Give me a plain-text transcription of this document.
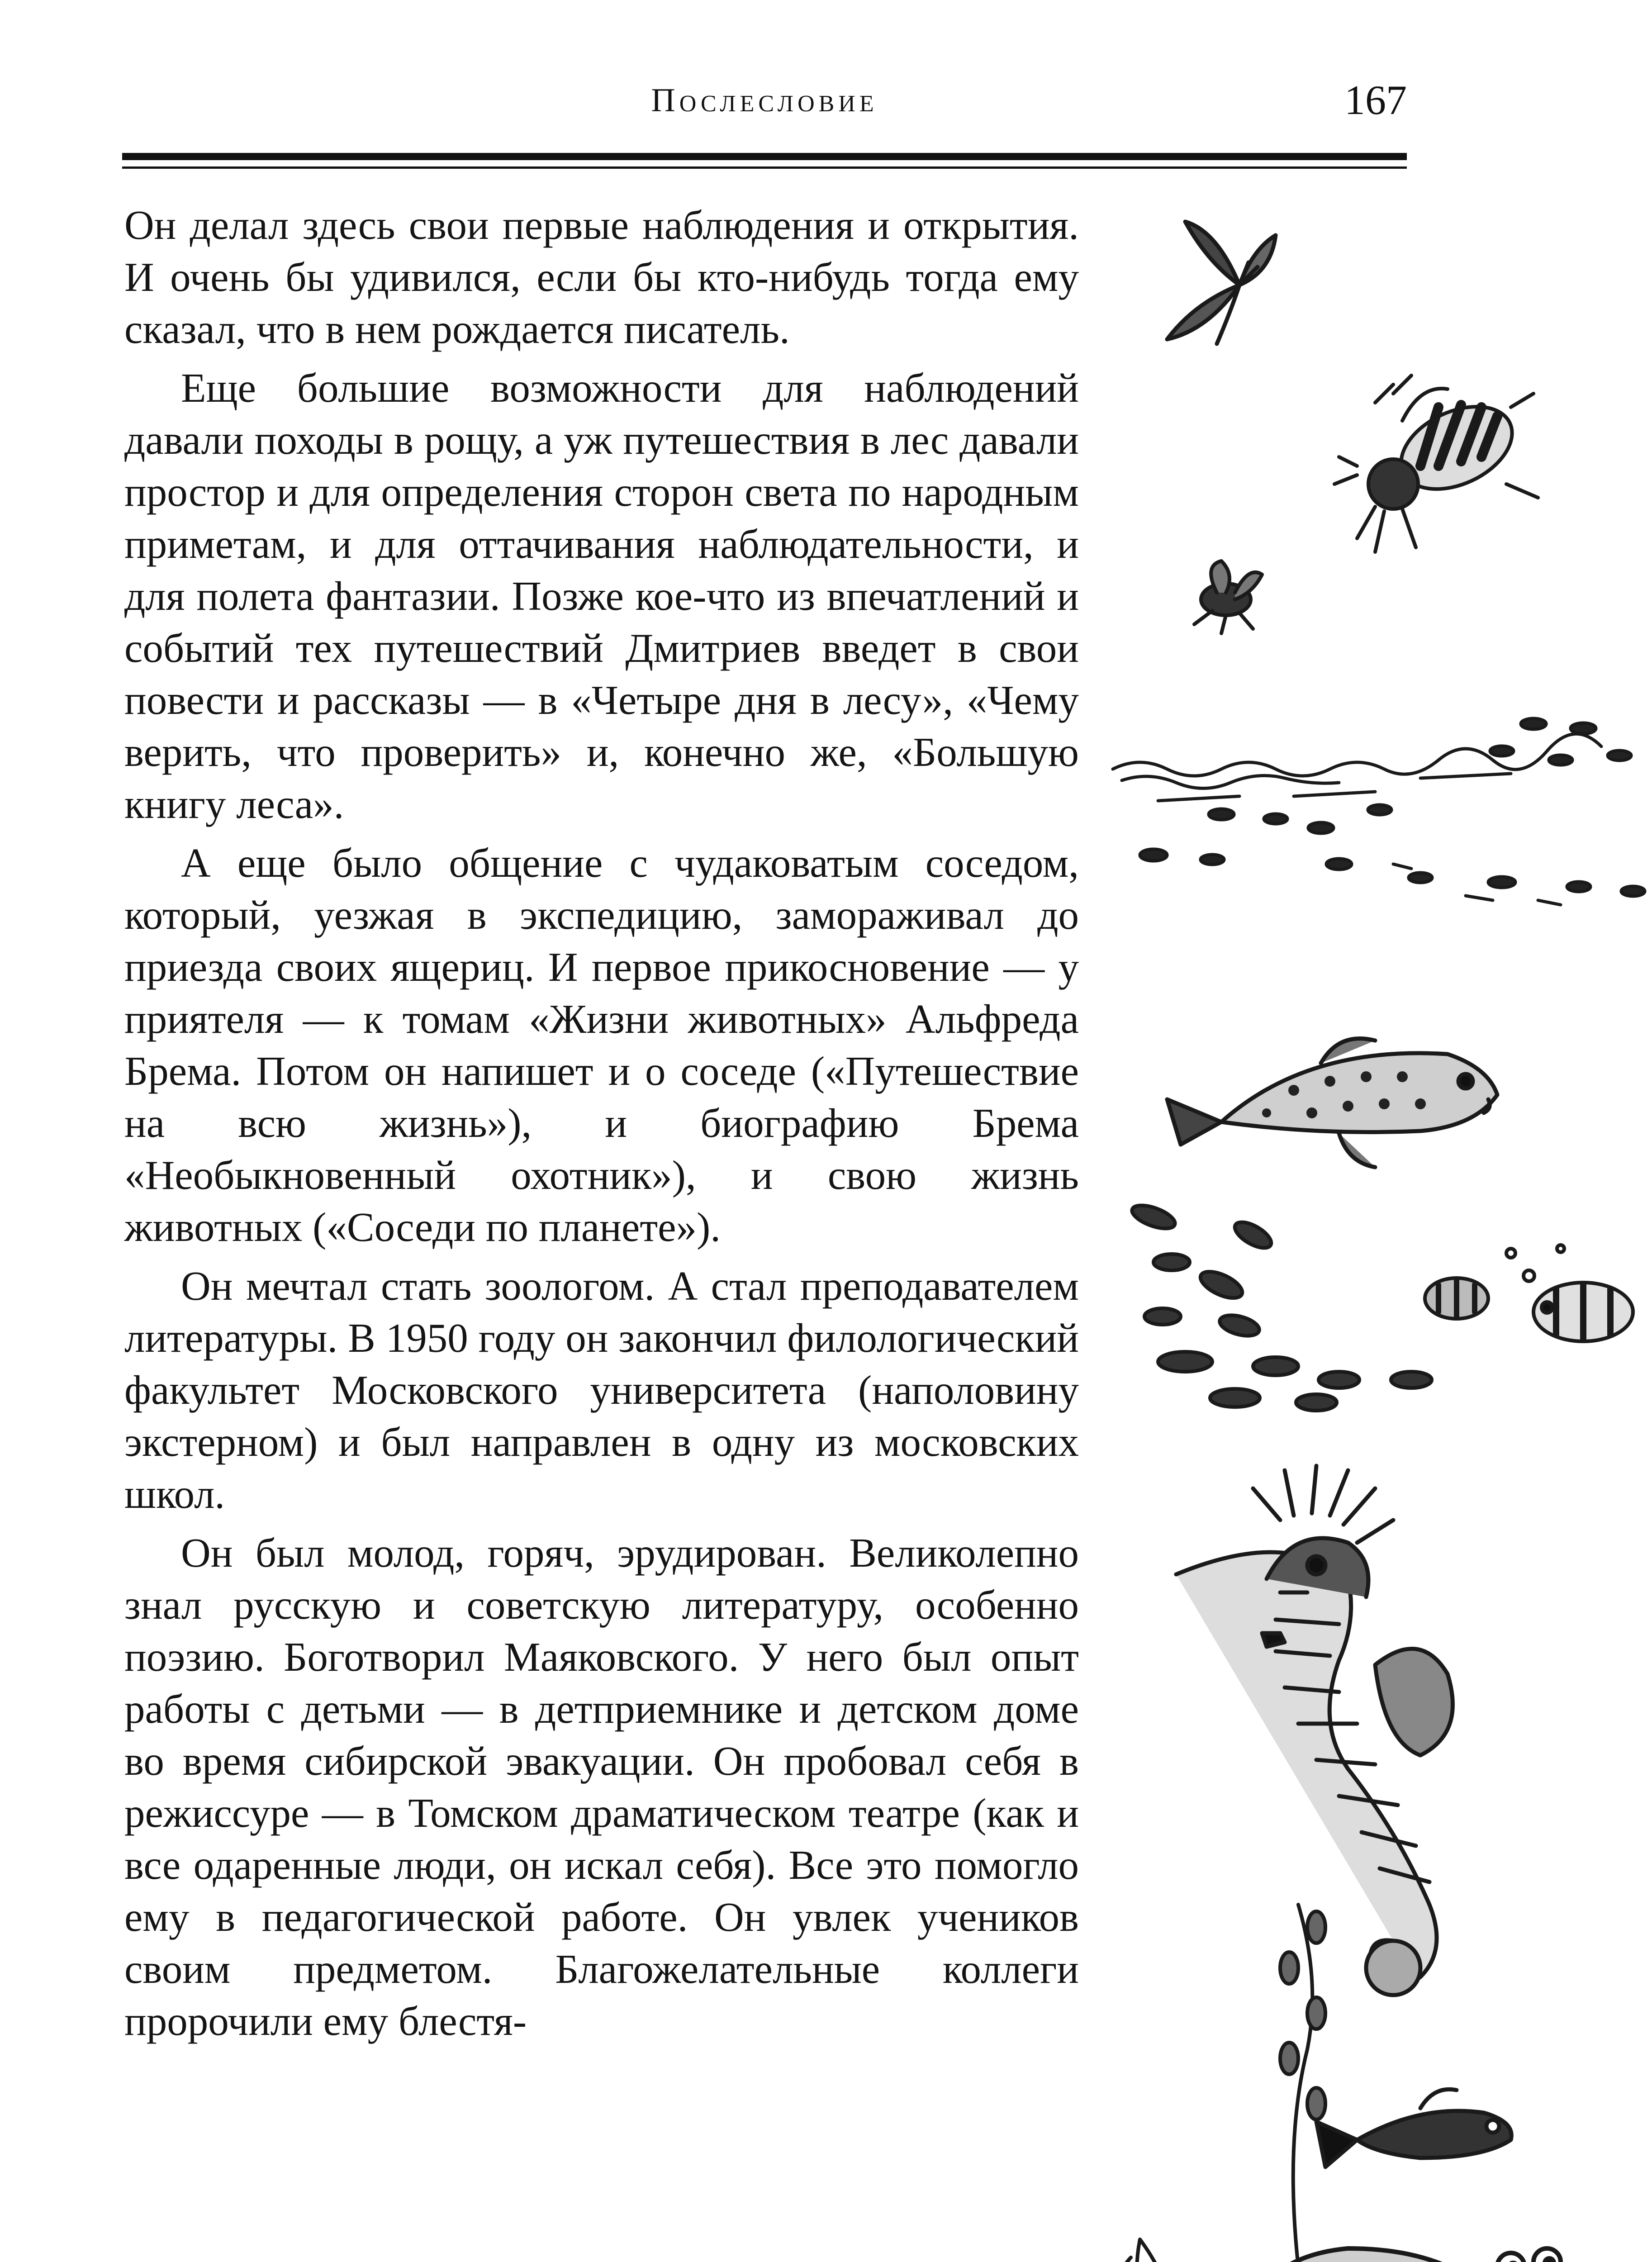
Послесловие	167

Он делал здесь свои первые наблюдения и открытия. И очень бы удивился, если бы кто-нибудь тогда ему сказал, что в нем рождается писатель.

Еще большие возможности для наблюдений давали походы в рощу, а уж путешествия в лес давали простор и для определения сторон света по народным приметам, и для оттачивания наблюдательности, и для полета фантазии. Позже кое-что из впечатлений и событий тех путешествий Дмитриев введет в свои повести и рассказы — в «Четыре дня в лесу», «Чему верить, что проверить» и, конечно же, «Большую книгу леса».

А еще было общение с чудаковатым соседом, который, уезжая в экспедицию, замораживал до приезда своих ящериц. И первое прикосновение — у приятеля — к томам «Жизни животных» Альфреда Брема. Потом он напишет и о соседе («Путешествие на всю жизнь»), и биографию Брема «Необыкновенный охотник»), и свою жизнь животных («Соседи по планете»).

Он мечтал стать зоологом. А стал преподавателем литературы. В 1950 году он закончил филологический факультет Московского университета (наполовину экстерном) и был направлен в одну из московских школ.

Он был молод, горяч, эрудирован. Великолепно знал русскую и советскую литературу, особенно поэзию. Боготворил Маяковского. У него был опыт работы с детьми — в детприемнике и детском доме во время сибирской эвакуации. Он пробовал себя в режиссуре — в Томском драматическом театре (как и все одаренные люди, он искал себя). Все это помогло ему в педагогической работе. Он увлек учеников своим предметом. Благожелательные коллеги пророчили ему блестя-
